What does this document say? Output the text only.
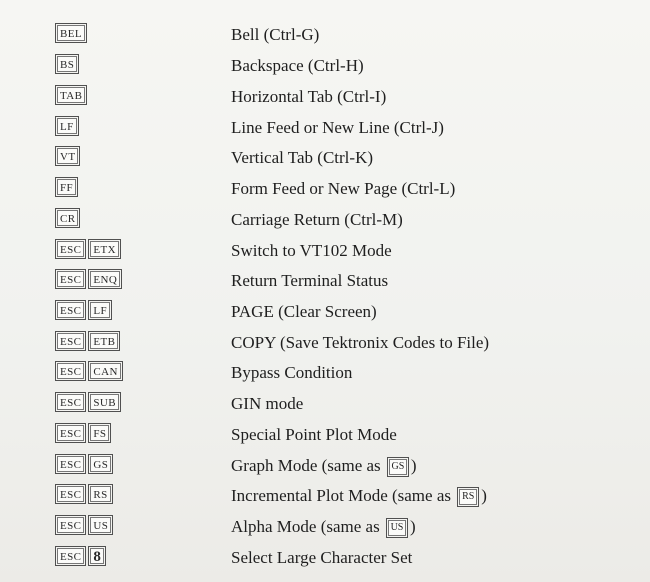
BEL	Bell (Ctrl-G)
BS	Backspace (Ctrl-H)
TAB	Horizontal Tab (Ctrl-I)
LF	Line Feed or New Line (Ctrl-J)
VT	Vertical Tab (Ctrl-K)
FF	Form Feed or New Page (Ctrl-L)
CR	Carriage Return (Ctrl-M)
ESC ETX	Switch to VT102 Mode
ESC ENQ	Return Terminal Status
ESC LF	PAGE (Clear Screen)
ESC ETB	COPY (Save Tektronix Codes to File)
ESC CAN	Bypass Condition
ESC SUB	GIN mode
ESC FS	Special Point Plot Mode
ESC GS	Graph Mode (same as GS )
ESC RS	Incremental Plot Mode (same as RS )
ESC US	Alpha Mode (same as US )
ESC 8	Select Large Character Set
